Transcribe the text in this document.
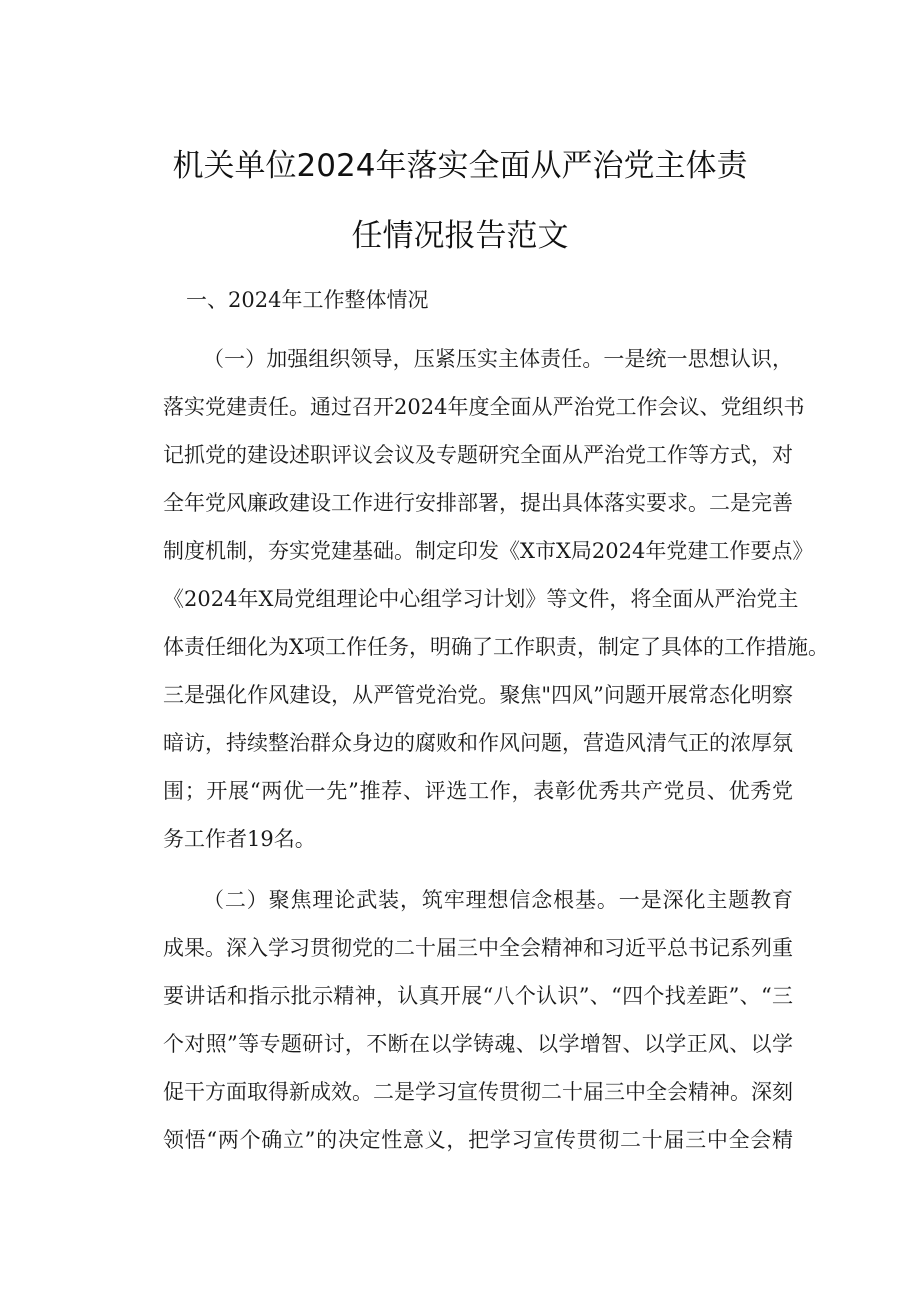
机关单位2024年落实全面从严治党主体责
任情况报告范文
一、2024年工作整体情况
（一）加强组织领导，压紧压实主体责任。一是统一思想认识，
落实党建责任。通过召开2024年度全面从严治党工作会议、党组织书
记抓党的建设述职评议会议及专题研究全面从严治党工作等方式，对
全年党风廉政建设工作进行安排部署，提出具体落实要求。二是完善
制度机制，夯实党建基础。制定印发《X市X局2024年党建工作要点》
《2024年X局党组理论中心组学习计划》等文件，将全面从严治党主
体责任细化为X项工作任务，明确了工作职责，制定了具体的工作措施。
三是强化作风建设，从严管党治党。聚焦"四风”问题开展常态化明察
暗访，持续整治群众身边的腐败和作风问题，营造风清气正的浓厚氛
围；开展“两优一先”推荐、评选工作，表彰优秀共产党员、优秀党
务工作者19名。
（二）聚焦理论武装，筑牢理想信念根基。一是深化主题教育
成果。深入学习贯彻党的二十届三中全会精神和习近平总书记系列重
要讲话和指示批示精神，认真开展“八个认识”、“四个找差距”、“三
个对照”等专题研讨，不断在以学铸魂、以学增智、以学正风、以学
促干方面取得新成效。二是学习宣传贯彻二十届三中全会精神。深刻
领悟“两个确立”的决定性意义，把学习宣传贯彻二十届三中全会精
